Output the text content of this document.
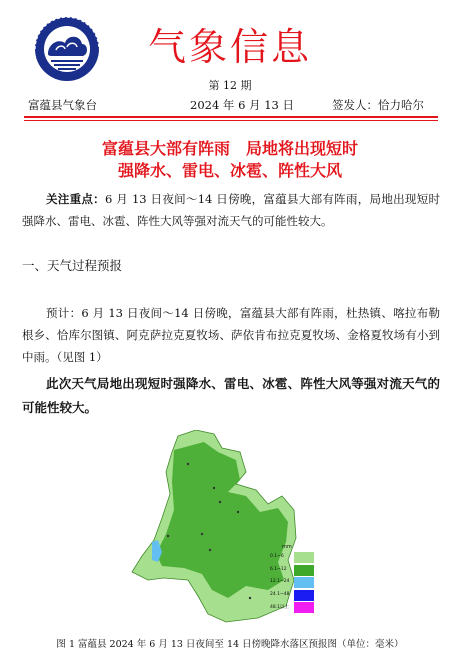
气象信息
第 12 期
富蕴县气象台	2024 年 6 月 13 日	签发人：恰力哈尔
富蕴县大部有阵雨　局地将出现短时
强降水、雷电、冰雹、阵性大风
关注重点：6 月 13 日夜间～14 日傍晚，富蕴县大部有阵雨，局地出现短时强降水、雷电、冰雹、阵性大风等强对流天气的可能性较大。
一、天气过程预报
预计：6 月 13 日夜间～14 日傍晚，富蕴县大部有阵雨，杜热镇、喀拉布勒根乡、恰库尔图镇、阿克萨拉克夏牧场、萨依肯布拉克夏牧场、金格夏牧场有小到中雨。（见图 1）
此次天气局地出现短时强降水、雷电、冰雹、阵性大风等强对流天气的可能性较大。
mm
0.1~6
6.1~12
12.1~24
24.1~48
48.1以上
图 1 富蕴县 2024 年 6 月 13 日夜间至 14 日傍晚降水落区预报图（单位：毫米）
